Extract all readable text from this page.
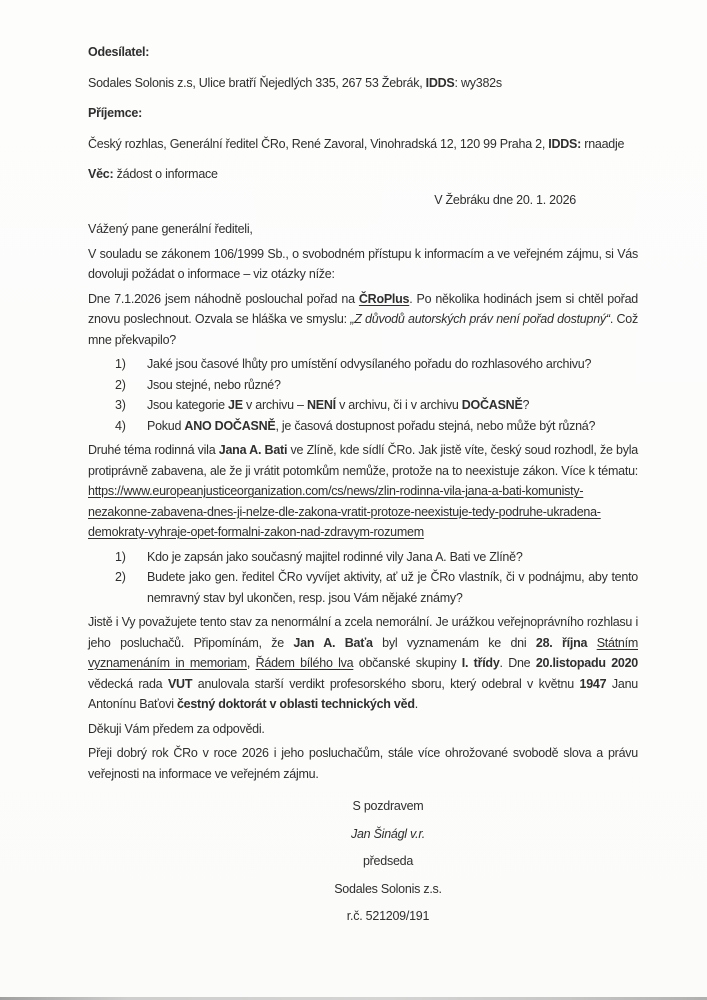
Odesílatel:

Sodales Solonis z.s, Ulice bratří Ňejedlých 335, 267 53 Žebrák, IDDS: wy382s

Příjemce:

Český rozhlas, Generální ředitel ČRo, René Zavoral, Vinohradská 12, 120 99 Praha 2, IDDS: rnaadje

Věc: žádost o informace

V Žebráku dne 20. 1. 2026

Vážený pane generální řediteli,

V souladu se zákonem 106/1999 Sb., o svobodném přístupu k informacím a ve veřejném zájmu, si Vás dovoluji požádat o informace – viz otázky níže:

Dne 7.1.2026 jsem náhodně poslouchal pořad na ČRoPlus. Po několika hodinách jsem si chtěl pořad znovu poslechnout. Ozvala se hláška ve smyslu: „Z důvodů autorských práv není pořad dostupný“. Což mne překvapilo?

1)	Jaké jsou časové lhůty pro umístění odvysílaného pořadu do rozhlasového archivu?
2)	Jsou stejné, nebo různé?
3)	Jsou kategorie JE v archivu – NENÍ v archivu, či i v archivu DOČASNĚ?
4)	Pokud ANO DOČASNĚ, je časová dostupnost pořadu stejná, nebo může být různá?

Druhé téma rodinná vila Jana A. Bati ve Zlíně, kde sídlí ČRo. Jak jistě víte, český soud rozhodl, že byla protiprávně zabavena, ale že ji vrátit potomkům nemůže, protože na to neexistuje zákon. Více k tématu: https://www.europeanjusticeorganization.com/cs/news/zlin-rodinna-vila-jana-a-bati-komunisty-nezakonne-zabavena-dnes-ji-nelze-dle-zakona-vratit-protoze-neexistuje-tedy-podruhe-ukradena-demokraty-vyhraje-opet-formalni-zakon-nad-zdravym-rozumem

1)	Kdo je zapsán jako současný majitel rodinné vily Jana A. Bati ve Zlíně?
2)	Budete jako gen. ředitel ČRo vyvíjet aktivity, ať už je ČRo vlastník, či v podnájmu, aby tento nemravný stav byl ukončen, resp. jsou Vám nějaké známy?

Jistě i Vy považujete tento stav za nenormální a zcela nemorální. Je urážkou veřejnoprávního rozhlasu i jeho posluchačů. Připomínám, že Jan A. Baťa byl vyznamenám ke dni 28. října Státním vyznamenáním in memoriam, Řádem bílého lva občanské skupiny I. třídy. Dne 20.listopadu 2020 vědecká rada VUT anulovala starší verdikt profesorského sboru, který odebral v květnu 1947 Janu Antonínu Baťovi čestný doktorát v oblasti technických věd.

Děkuji Vám předem za odpovědi.

Přeji dobrý rok ČRo v roce 2026 i jeho posluchačům, stále více ohrožované svobodě slova a právu veřejnosti na informace ve veřejném zájmu.

S pozdravem
Jan Šinágl v.r.
předseda
Sodales Solonis z.s.
r.č. 521209/191
